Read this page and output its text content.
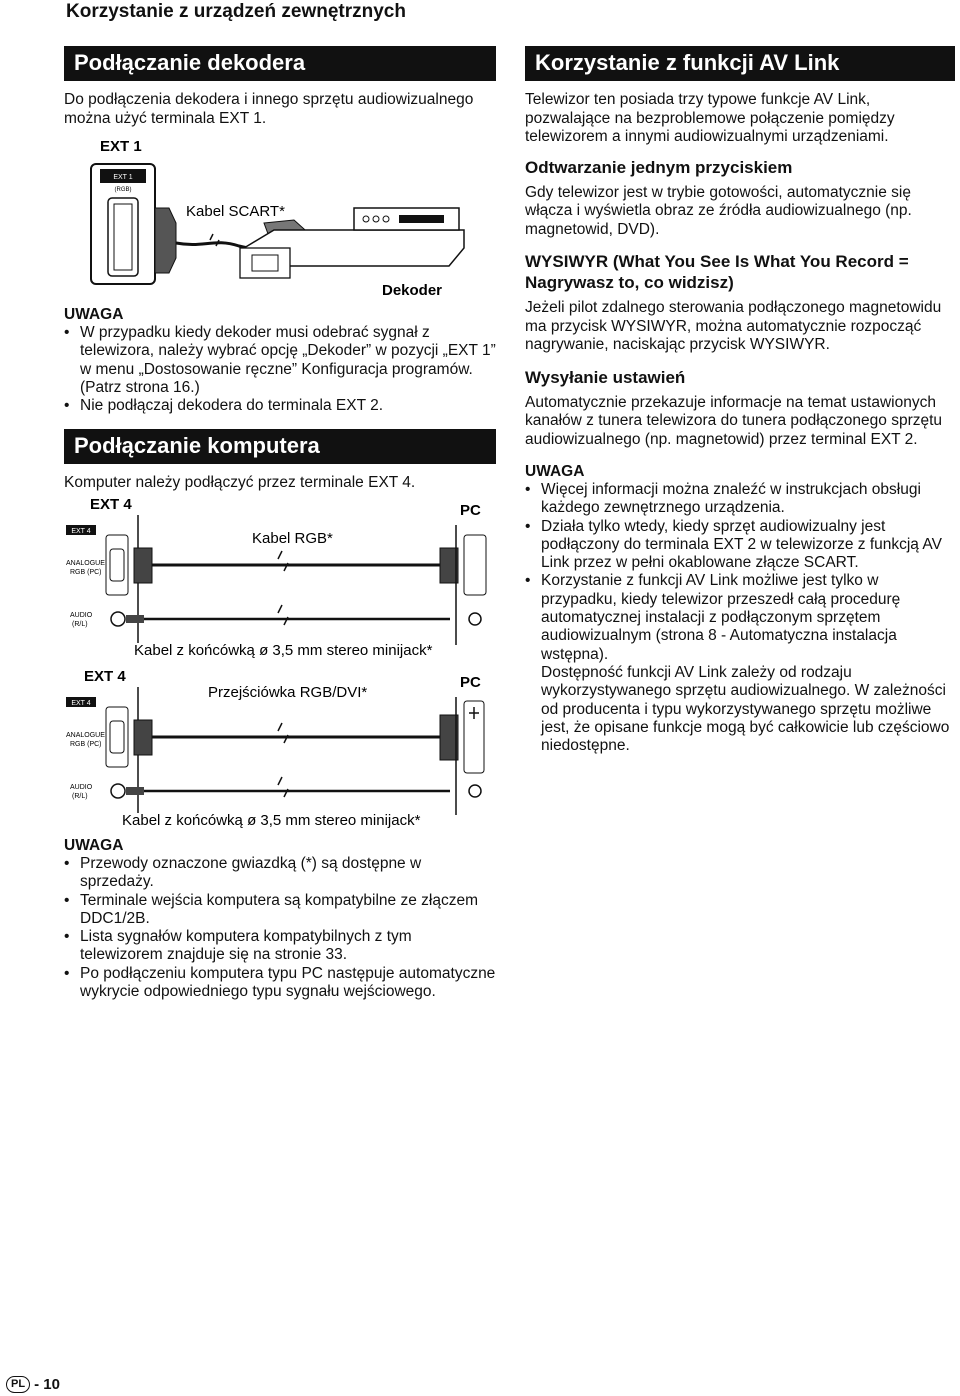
Korzystanie z urządzeń zewnętrznych
Podłączanie dekodera

Do podłączenia dekodera i innego sprzętu audiowizualnego można użyć terminala EXT 1.

EXT 1
EXT 1
(RGB)
Kabel SCART*
Dekoder
UWAGA
• W przypadku kiedy dekoder musi odebrać sygnał z telewizora, należy wybrać opcję „Dekoder” w pozycji „EXT 1” w menu „Dostosowanie ręczne” Konfiguracja programów. (Patrz strona 16.)
• Nie podłączaj dekodera do terminala EXT 2.
Podłączanie komputera

Komputer należy podłączyć przez terminale EXT 4.

EXT 4	PC
EXT 4
ANALOGUE
RGB (PC)
Kabel RGB*
AUDIO
(R/L)
Kabel z końcówką ø 3,5 mm stereo minijack*
EXT 4	PC
EXT 4
ANALOGUE
RGB (PC)
Przejściówka RGB/DVI*
AUDIO
(R/L)
Kabel z końcówką ø 3,5 mm stereo minijack*
UWAGA
• Przewody oznaczone gwiazdką (*) są dostępne w sprzedaży.
• Terminale wejścia komputera są kompatybilne ze złączem DDC1/2B.
• Lista sygnałów komputera kompatybilnych z tym telewizorem znajduje się na stronie 33.
• Po podłączeniu komputera typu PC następuje automatyczne wykrycie odpowiedniego typu sygnału wejściowego.
Korzystanie z funkcji AV Link

Telewizor ten posiada trzy typowe funkcje AV Link, pozwalające na bezproblemowe połączenie pomiędzy telewizorem a innymi audiowizualnymi urządzeniami.

Odtwarzanie jednym przyciskiem

Gdy telewizor jest w trybie gotowości, automatycznie się włącza i wyświetla obraz ze źródła audiowizualnego (np. magnetowid, DVD).

WYSIWYR (What You See Is What You Record = Nagrywasz to, co widzisz)

Jeżeli pilot zdalnego sterowania podłączonego magnetowidu ma przycisk WYSIWYR, można automatycznie rozpocząć nagrywanie, naciskając przycisk WYSIWYR.

Wysyłanie ustawień

Automatycznie przekazuje informacje na temat ustawionych kanałów z tunera telewizora do tunera podłączonego sprzętu audiowizualnego (np. magnetowid) przez terminal EXT 2.

UWAGA
• Więcej informacji można znaleźć w instrukcjach obsługi każdego zewnętrznego urządzenia.
• Działa tylko wtedy, kiedy sprzęt audiowizualny jest podłączony do terminala EXT 2 w telewizorze z funkcją AV Link przez w pełni okablowane złącze SCART.
• Korzystanie z funkcji AV Link możliwe jest tylko w przypadku, kiedy telewizor przeszedł całą procedurę automatycznej instalacji z podłączonym sprzętem audiowizualnym (strona 8 - Automatyczna instalacja wstępna).

Dostępność funkcji AV Link zależy od rodzaju wykorzystywanego sprzętu audiowizualnego. W zależności od producenta i typu wykorzystywanego sprzętu możliwe jest, że opisane funkcje mogą być całkowicie lub częściowo niedostępne.

PL - 10
